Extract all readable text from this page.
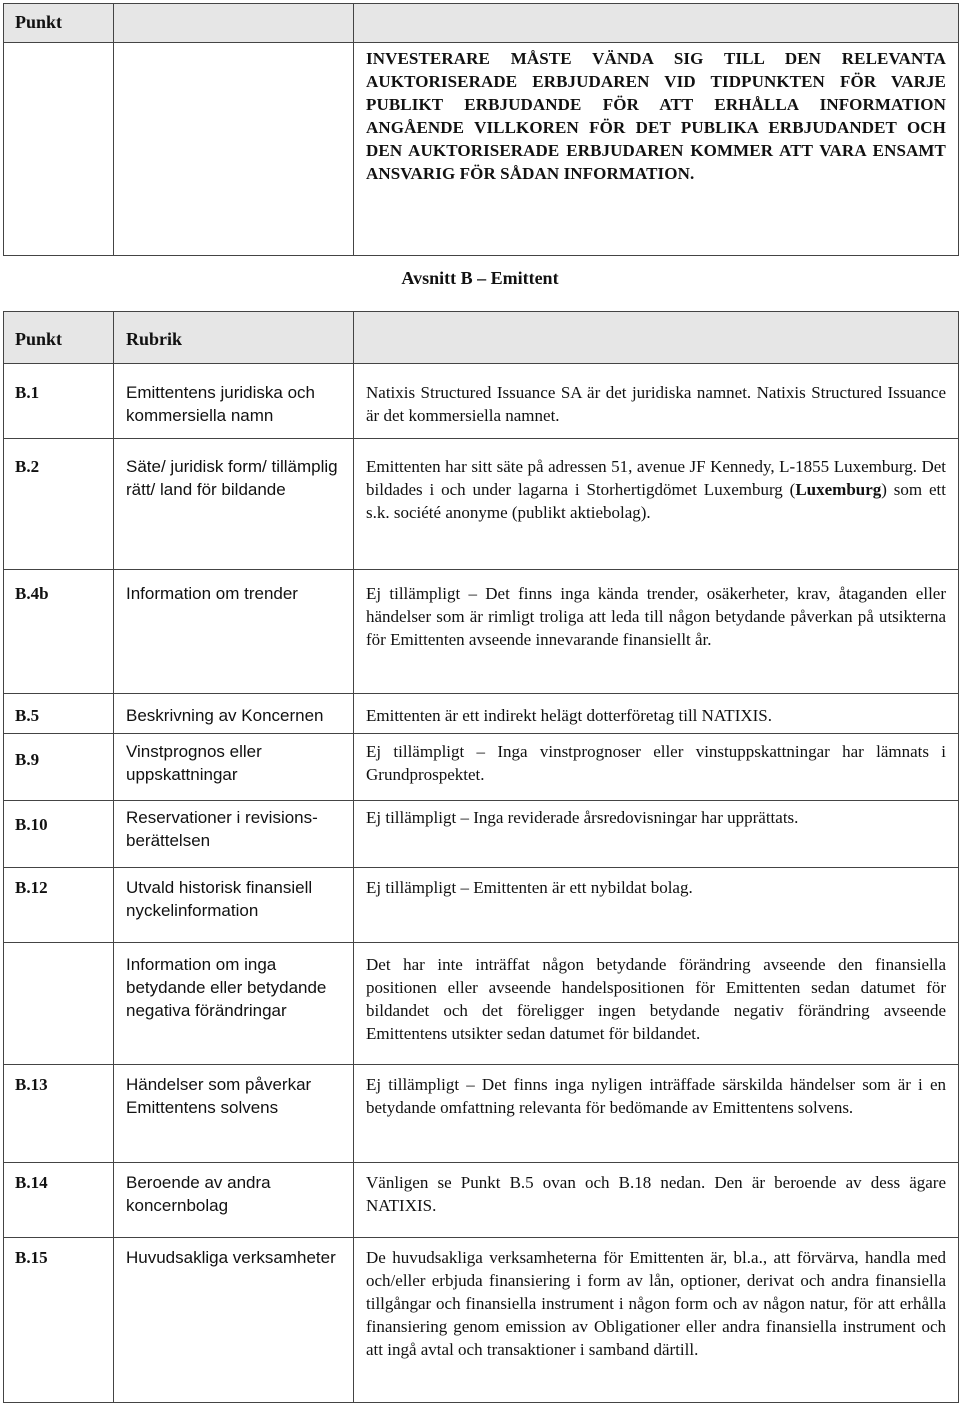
Punkt		
		INVESTERARE MÅSTE VÄNDA SIG TILL DEN RELEVANTA AUKTORISERADE ERBJUDAREN VID TIDPUNKTEN FÖR VARJE PUBLIKT ERBJUDANDE FÖR ATT ERHÅLLA INFORMATION ANGÅENDE VILLKOREN FÖR DET PUBLIKA ERBJUDANDET OCH DEN AUKTORISERADE ERBJUDAREN KOMMER ATT VARA ENSAMT ANSVARIG FÖR SÅDAN INFORMATION.
Avsnitt B – Emittent
Punkt	Rubrik	
B.1	Emittentens juridiska och kommersiella namn	Natixis Structured Issuance SA är det juridiska namnet. Natixis Structured Issuance är det kommersiella namnet.
B.2	Säte/ juridisk form/ tillämplig rätt/ land för bildande	Emittenten har sitt säte på adressen 51, avenue JF Kennedy, L-1855 Luxemburg. Det bildades i och under lagarna i Storhertigdömet Luxemburg (Luxemburg) som ett s.k. société anonyme (publikt aktiebolag).
B.4b	Information om trender	Ej tillämpligt – Det finns inga kända trender, osäkerheter, krav, åtaganden eller händelser som är rimligt troliga att leda till någon betydande påverkan på utsikterna för Emittenten avseende innevarande finansiellt år.
B.5	Beskrivning av Koncernen	Emittenten är ett indirekt helägt dotterföretag till NATIXIS.
B.9	Vinstprognos eller uppskattningar	Ej tillämpligt – Inga vinstprognoser eller vinstuppskattningar har lämnats i Grundprospektet.
B.10	Reservationer i revisions-berättelsen	Ej tillämpligt – Inga reviderade årsredovisningar har upprättats.
B.12	Utvald historisk finansiell nyckelinformation	Ej tillämpligt – Emittenten är ett nybildat bolag.
	Information om inga betydande eller betydande negativa förändringar	Det har inte inträffat någon betydande förändring avseende den finansiella positionen eller avseende handelspositionen för Emittenten sedan datumet för bildandet och det föreligger ingen betydande negativ förändring avseende Emittentens utsikter sedan datumet för bildandet.
B.13	Händelser som påverkar Emittentens solvens	Ej tillämpligt – Det finns inga nyligen inträffade särskilda händelser som är i en betydande omfattning relevanta för bedömande av Emittentens solvens.
B.14	Beroende av andra koncernbolag	Vänligen se Punkt B.5 ovan och B.18 nedan. Den är beroende av dess ägare NATIXIS.
B.15	Huvudsakliga verksamheter	De huvudsakliga verksamheterna för Emittenten är, bl.a., att förvärva, handla med och/eller erbjuda finansiering i form av lån, optioner, derivat och andra finansiella tillgångar och finansiella instrument i någon form och av någon natur, för att erhålla finansiering genom emission av Obligationer eller andra finansiella instrument och att ingå avtal och transaktioner i samband därtill.
